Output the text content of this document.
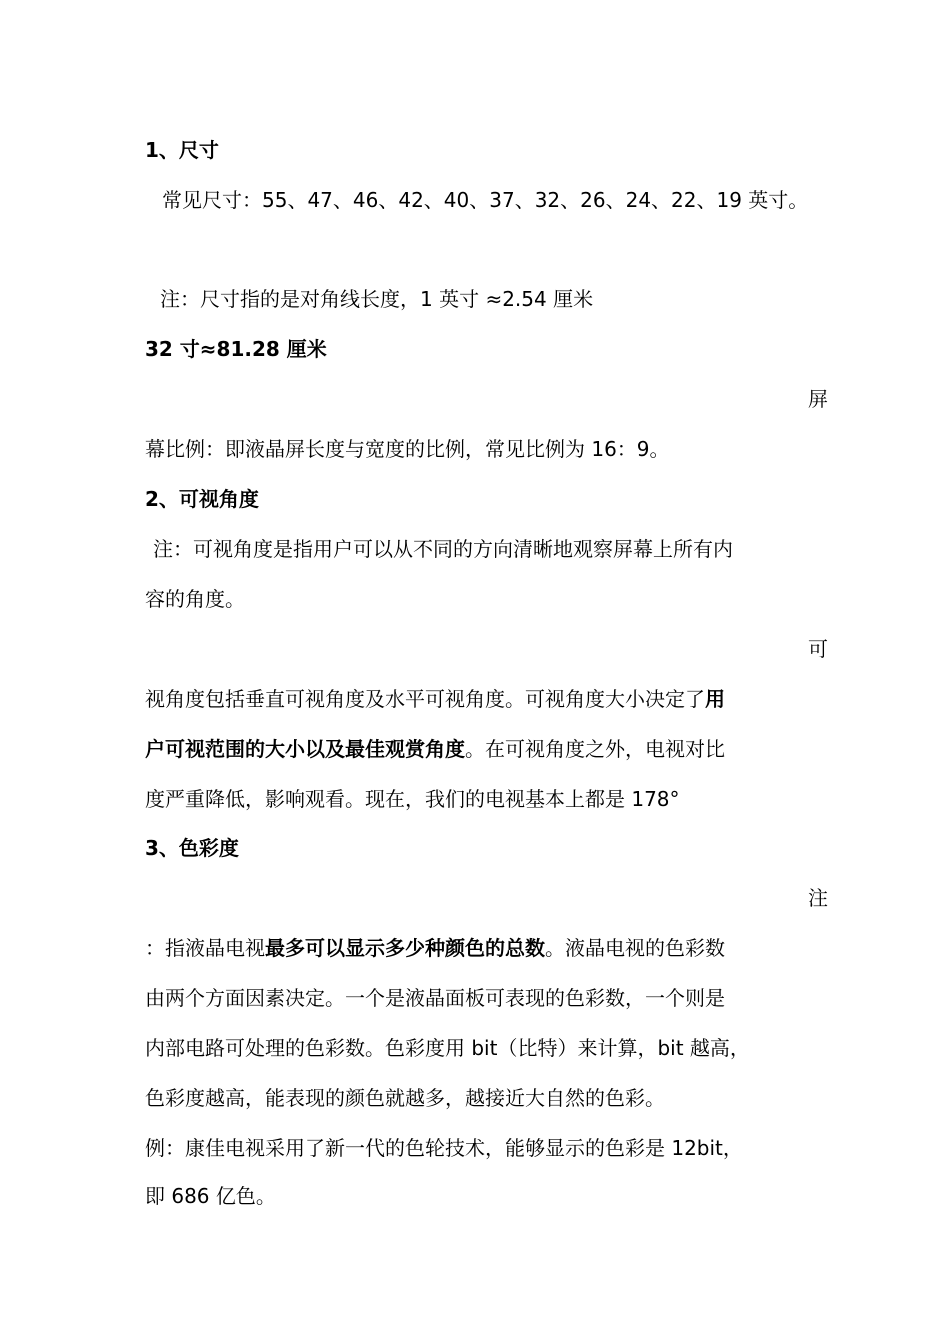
1、尺寸
常见尺寸：55、47、46、42、40、37、32、26、24、22、19 英寸。
注：尺寸指的是对角线长度，1 英寸 ≈2.54 厘米
32 寸≈81.28 厘米
屏
幕比例：即液晶屏长度与宽度的比例，常见比例为 16：9。
2、可视角度
注：可视角度是指用户可以从不同的方向清晰地观察屏幕上所有内
容的角度。
可
视角度包括垂直可视角度及水平可视角度。可视角度大小决定了用
户可视范围的大小以及最佳观赏角度。在可视角度之外，电视对比
度严重降低，影响观看。现在，我们的电视基本上都是 178°
3、色彩度
注
：指液晶电视最多可以显示多少种颜色的总数。液晶电视的色彩数
由两个方面因素决定。一个是液晶面板可表现的色彩数，一个则是
内部电路可处理的色彩数。色彩度用 bit（比特）来计算，bit 越高，
色彩度越高，能表现的颜色就越多，越接近大自然的色彩。
例：康佳电视采用了新一代的色轮技术，能够显示的色彩是 12bit，
即 686 亿色。
